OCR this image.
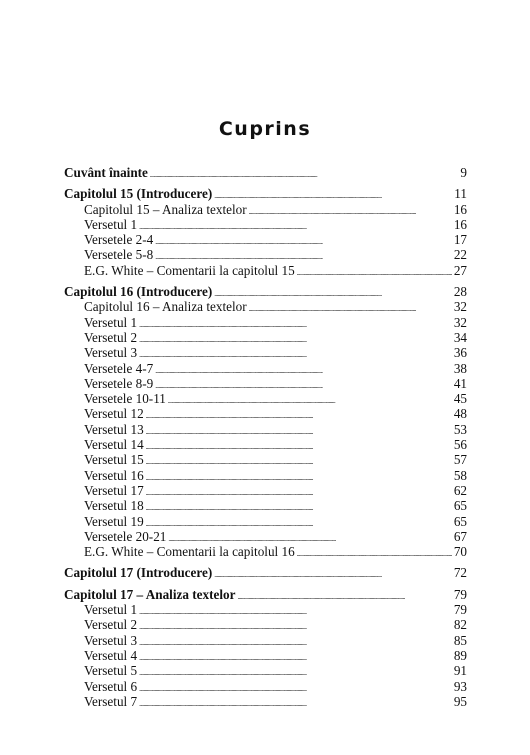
Cuprins
Cuvânt înainte . . .	9
Capitolul 15 (Introducere) . . .	11
Capitolul 15 – Analiza textelor . . .	16
Versetul 1 . . .	16
Versetele 2-4 . . .	17
Versetele 5-8 . . .	22
E.G. White – Comentarii la capitolul 15 . . .	27
Capitolul 16 (Introducere) . . .	28
Capitolul 16 – Analiza textelor . . .	32
Versetul 1 . . .	32
Versetul 2 . . .	34
Versetul 3 . . .	36
Versetele 4-7 . . .	38
Versetele 8-9 . . .	41
Versetele 10-11 . . .	45
Versetul 12 . . .	48
Versetul 13 . . .	53
Versetul 14 . . .	56
Versetul 15 . . .	57
Versetul 16 . . .	58
Versetul 17 . . .	62
Versetul 18 . . .	65
Versetul 19 . . .	65
Versetele 20-21 . . .	67
E.G. White – Comentarii la capitolul 16 . . .	70
Capitolul 17 (Introducere) . . .	72
Capitolul 17 – Analiza textelor . . .	79
Versetul 1 . . .	79
Versetul 2 . . .	82
Versetul 3 . . .	85
Versetul 4 . . .	89
Versetul 5 . . .	91
Versetul 6 . . .	93
Versetul 7 . . .	95
